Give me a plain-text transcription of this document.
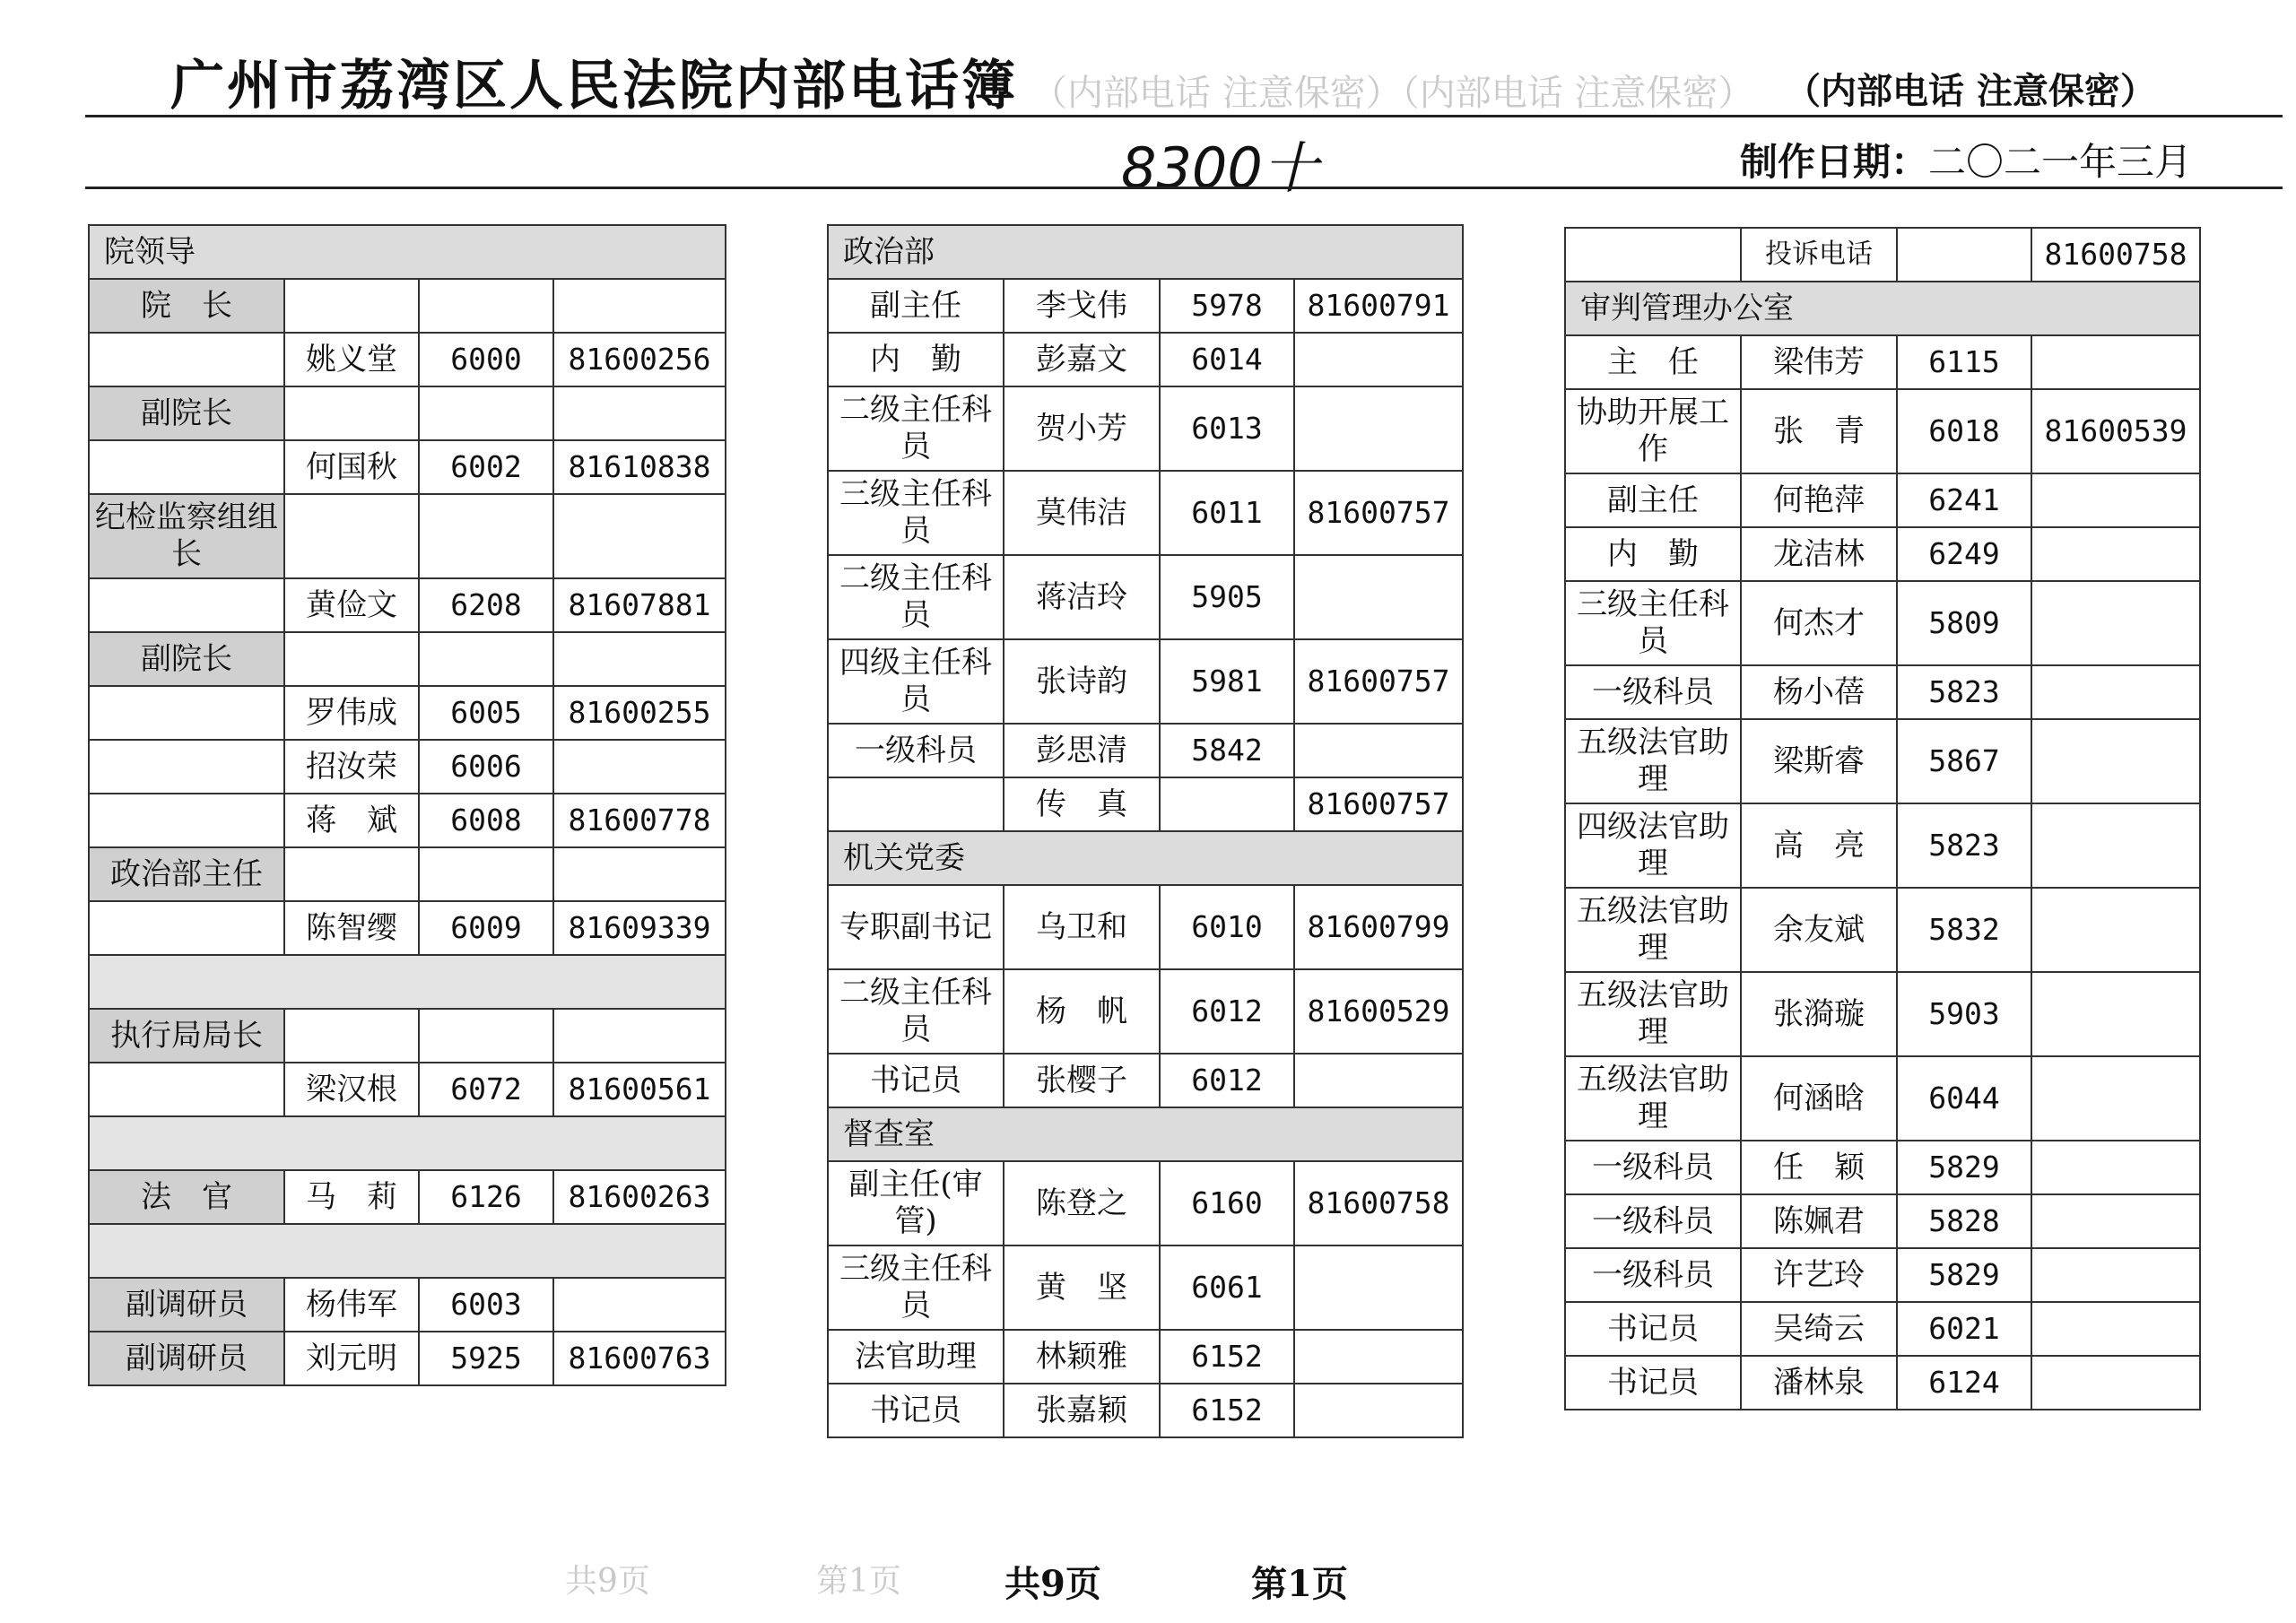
广州市荔湾区人民法院内部电话簿 （内部电话 注意保密）（内部电话 注意保密） （内部电话 注意保密）
8300十	制作日期：二〇二一年三月
院领导			
院　长			
	姚义堂	6000	81600256
副院长			
	何国秋	6002	81610838
纪检监察组组长			
	黄俭文	6208	81607881
副院长			
	罗伟成	6005	81600255
	招汝荣	6006	
	蒋　斌	6008	81600778
政治部主任			
	陈智缨	6009	81609339

执行局局长			
	梁汉根	6072	81600561

法　官	马　莉	6126	81600263

副调研员	杨伟军	6003	
副调研员	刘元明	5925	81600763
政治部			
副主任	李戈伟	5978	81600791
内　勤	彭嘉文	6014	
二级主任科员	贺小芳	6013	
三级主任科员	莫伟洁	6011	81600757
二级主任科员	蒋洁玲	5905	
四级主任科员	张诗韵	5981	81600757
一级科员	彭思清	5842	
	传　真		81600757
机关党委			
专职副书记	乌卫和	6010	81600799
二级主任科员	杨　帆	6012	81600529
书记员	张樱子	6012	
督查室			
副主任(审管)	陈登之	6160	81600758
三级主任科员	黄　坚	6061	
法官助理	林颖雅	6152	
书记员	张嘉颖	6152	
	投诉电话		81600758
审判管理办公室			
主　任	梁伟芳	6115	
协助开展工作	张　青	6018	81600539
副主任	何艳萍	6241	
内　勤	龙洁林	6249	
三级主任科员	何杰才	5809	
一级科员	杨小蓓	5823	
五级法官助理	梁斯睿	5867	
四级法官助理	高　亮	5823	
五级法官助理	余友斌	5832	
五级法官助理	张漪璇	5903	
五级法官助理	何涵晗	6044	
一级科员	任　颖	5829	
一级科员	陈姵君	5828	
一级科员	许艺玲	5829	
书记员	吴绮云	6021	
书记员	潘林泉	6124	
共9页	第1页	共9页	第1页
